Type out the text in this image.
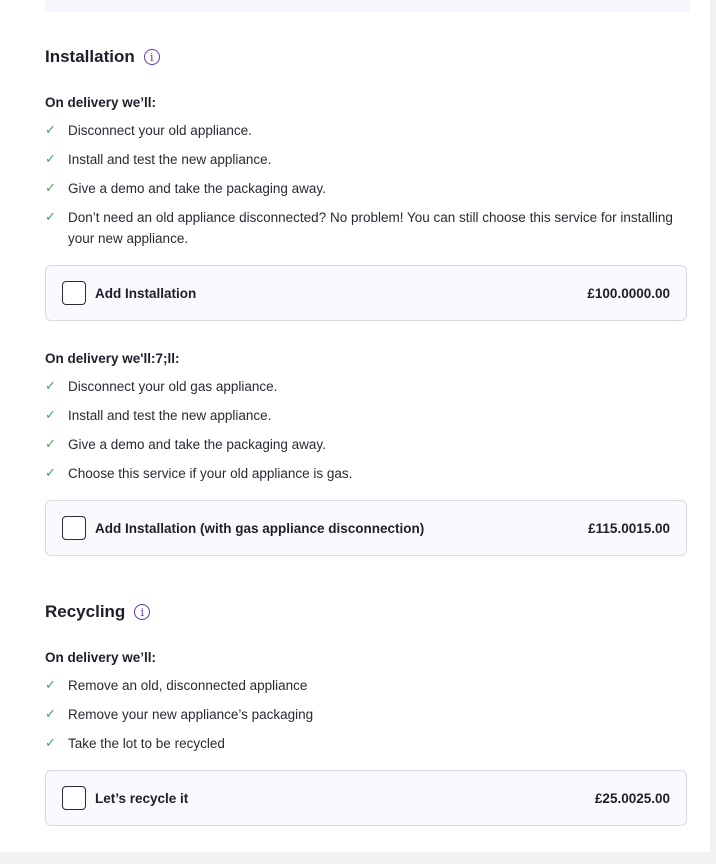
Installation	i
On delivery we’ll:
✓ Disconnect your old appliance.
✓ Install and test the new appliance.
✓ Give a demo and take the packaging away.
✓ Don’t need an old appliance disconnected? No problem! You can still choose this service for installing your new appliance.
Add Installation	£100.0000.00
On delivery we'll:7;ll:
✓ Disconnect your old gas appliance.
✓ Install and test the new appliance.
✓ Give a demo and take the packaging away.
✓ Choose this service if your old appliance is gas.
Add Installation (with gas appliance disconnection)	£115.0015.00
Recycling	i
On delivery we’ll:
✓ Remove an old, disconnected appliance
✓ Remove your new appliance’s packaging
✓ Take the lot to be recycled
Let’s recycle it	£25.0025.00
